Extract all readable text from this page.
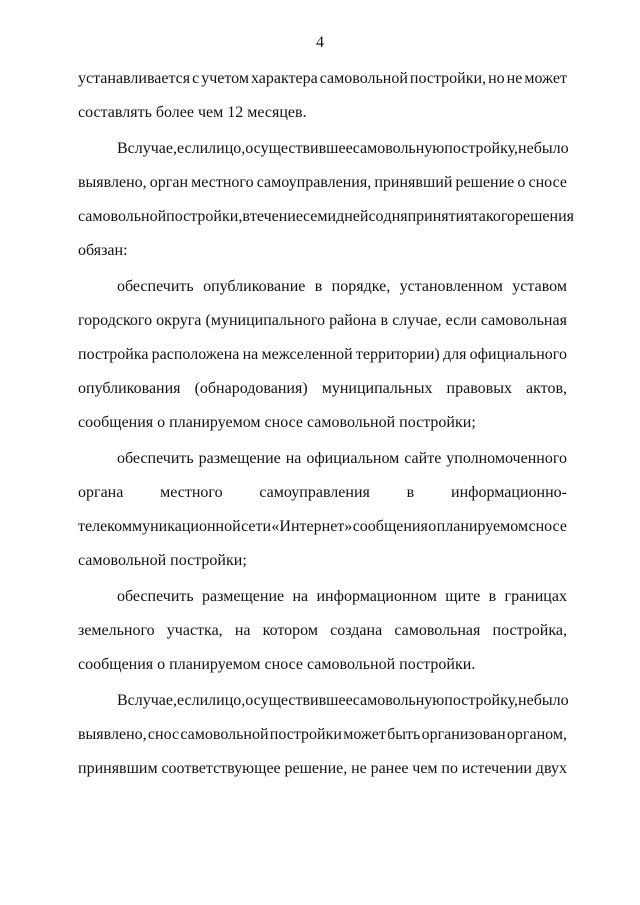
4
устанавливается с учетом характера самовольной постройки, но не может
составлять более чем 12 месяцев.
В случае, если лицо, осуществившее самовольную постройку, не было
выявлено, орган местного самоуправления, принявший решение о сносе
самовольной постройки, в течение семи дней со дня принятия такого решения
обязан:
обеспечить опубликование в порядке, установленном уставом
городского округа (муниципального района в случае, если самовольная
постройка расположена на межселенной территории) для официального
опубликования (обнародования) муниципальных правовых актов,
сообщения о планируемом сносе самовольной постройки;
обеспечить размещение на официальном сайте уполномоченного
органа местного самоуправления в информационно-
телекоммуникационной сети «Интернет» сообщения о планируемом сносе
самовольной постройки;
обеспечить размещение на информационном щите в границах
земельного участка, на котором создана самовольная постройка,
сообщения о планируемом сносе самовольной постройки.
В случае, если лицо, осуществившее самовольную постройку, не было
выявлено, снос самовольной постройки может быть организован органом,
принявшим соответствующее решение, не ранее чем по истечении двух
